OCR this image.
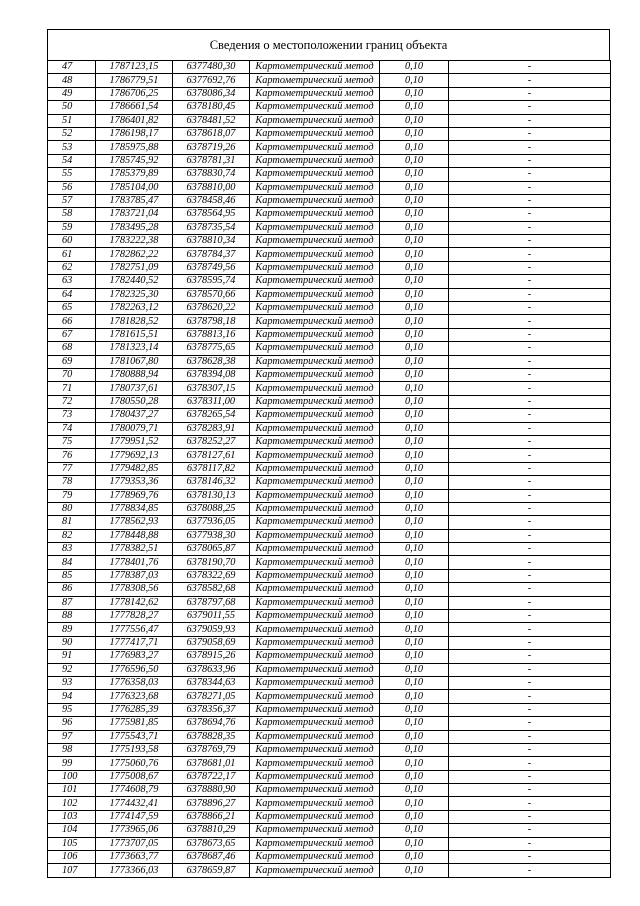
Сведения о местоположении границ объекта
47	1787123,15	6377480,30	Картометрический метод	0,10	-
48	1786779,51	6377692,76	Картометрический метод	0,10	-
49	1786706,25	6378086,34	Картометрический метод	0,10	-
50	1786661,54	6378180,45	Картометрический метод	0,10	-
51	1786401,82	6378481,52	Картометрический метод	0,10	-
52	1786198,17	6378618,07	Картометрический метод	0,10	-
53	1785975,88	6378719,26	Картометрический метод	0,10	-
54	1785745,92	6378781,31	Картометрический метод	0,10	-
55	1785379,89	6378830,74	Картометрический метод	0,10	-
56	1785104,00	6378810,00	Картометрический метод	0,10	-
57	1783785,47	6378458,46	Картометрический метод	0,10	-
58	1783721,04	6378564,95	Картометрический метод	0,10	-
59	1783495,28	6378735,54	Картометрический метод	0,10	-
60	1783222,38	6378810,34	Картометрический метод	0,10	-
61	1782862,22	6378784,37	Картометрический метод	0,10	-
62	1782751,09	6378749,56	Картометрический метод	0,10	-
63	1782440,52	6378595,74	Картометрический метод	0,10	-
64	1782325,30	6378570,66	Картометрический метод	0,10	-
65	1782263,12	6378620,22	Картометрический метод	0,10	-
66	1781828,52	6378798,18	Картометрический метод	0,10	-
67	1781615,51	6378813,16	Картометрический метод	0,10	-
68	1781323,14	6378775,65	Картометрический метод	0,10	-
69	1781067,80	6378628,38	Картометрический метод	0,10	-
70	1780888,94	6378394,08	Картометрический метод	0,10	-
71	1780737,61	6378307,15	Картометрический метод	0,10	-
72	1780550,28	6378311,00	Картометрический метод	0,10	-
73	1780437,27	6378265,54	Картометрический метод	0,10	-
74	1780079,71	6378283,91	Картометрический метод	0,10	-
75	1779951,52	6378252,27	Картометрический метод	0,10	-
76	1779692,13	6378127,61	Картометрический метод	0,10	-
77	1779482,85	6378117,82	Картометрический метод	0,10	-
78	1779353,36	6378146,32	Картометрический метод	0,10	-
79	1778969,76	6378130,13	Картометрический метод	0,10	-
80	1778834,85	6378088,25	Картометрический метод	0,10	-
81	1778562,93	6377936,05	Картометрический метод	0,10	-
82	1778448,88	6377938,30	Картометрический метод	0,10	-
83	1778382,51	6378065,87	Картометрический метод	0,10	-
84	1778401,76	6378190,70	Картометрический метод	0,10	-
85	1778387,03	6378322,69	Картометрический метод	0,10	-
86	1778308,56	6378582,68	Картометрический метод	0,10	-
87	1778142,62	6378797,68	Картометрический метод	0,10	-
88	1777828,27	6379011,55	Картометрический метод	0,10	-
89	1777556,47	6379059,93	Картометрический метод	0,10	-
90	1777417,71	6379058,69	Картометрический метод	0,10	-
91	1776983,27	6378915,26	Картометрический метод	0,10	-
92	1776596,50	6378633,96	Картометрический метод	0,10	-
93	1776358,03	6378344,63	Картометрический метод	0,10	-
94	1776323,68	6378271,05	Картометрический метод	0,10	-
95	1776285,39	6378356,37	Картометрический метод	0,10	-
96	1775981,85	6378694,76	Картометрический метод	0,10	-
97	1775543,71	6378828,35	Картометрический метод	0,10	-
98	1775193,58	6378769,79	Картометрический метод	0,10	-
99	1775060,76	6378681,01	Картометрический метод	0,10	-
100	1775008,67	6378722,17	Картометрический метод	0,10	-
101	1774608,79	6378880,90	Картометрический метод	0,10	-
102	1774432,41	6378896,27	Картометрический метод	0,10	-
103	1774147,59	6378866,21	Картометрический метод	0,10	-
104	1773965,06	6378810,29	Картометрический метод	0,10	-
105	1773707,05	6378673,65	Картометрический метод	0,10	-
106	1773663,77	6378687,46	Картометрический метод	0,10	-
107	1773366,03	6378659,87	Картометрический метод	0,10	-
